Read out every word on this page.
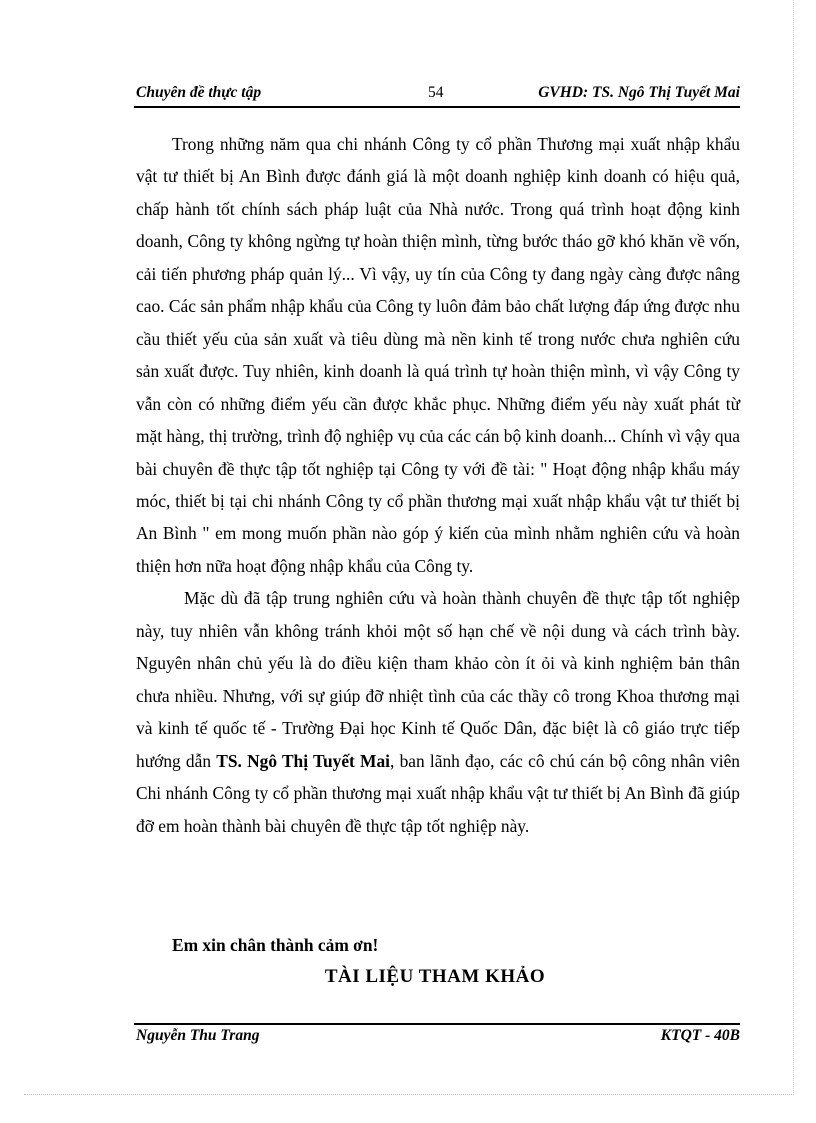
Chuyên đề thực tập	54	GVHD: TS. Ngô Thị Tuyết Mai

Trong những năm qua chi nhánh Công ty cổ phần Thương mại xuất nhập khẩu vật tư thiết bị An Bình được đánh giá là một doanh nghiệp kinh doanh có hiệu quả, chấp hành tốt chính sách pháp luật của Nhà nước. Trong quá trình hoạt động kinh doanh, Công ty không ngừng tự hoàn thiện mình, từng bước tháo gỡ khó khăn về vốn, cải tiến phương pháp quản lý... Vì vậy, uy tín của Công ty đang ngày càng được nâng cao. Các sản phẩm nhập khẩu của Công ty luôn đảm bảo chất lượng đáp ứng được nhu cầu thiết yếu của sản xuất và tiêu dùng mà nền kinh tế trong nước chưa nghiên cứu sản xuất được. Tuy nhiên, kinh doanh là quá trình tự hoàn thiện mình, vì vậy Công ty vẫn còn có những điểm yếu cần được khắc phục. Những điểm yếu này xuất phát từ mặt hàng, thị trường, trình độ nghiệp vụ của các cán bộ kinh doanh... Chính vì vậy qua bài chuyên đề thực tập tốt nghiệp tại Công ty với đề tài: " Hoạt động nhập khẩu máy móc, thiết bị tại chi nhánh Công ty cổ phần thương mại xuất nhập khẩu vật tư thiết bị An Bình " em mong muốn phần nào góp ý kiến của mình nhằm nghiên cứu và hoàn thiện hơn nữa hoạt động nhập khẩu của Công ty.

Mặc dù đã tập trung nghiên cứu và hoàn thành chuyên đề thực tập tốt nghiệp này, tuy nhiên vẫn không tránh khỏi một số hạn chế về nội dung và cách trình bày. Nguyên nhân chủ yếu là do điều kiện tham khảo còn ít ỏi và kinh nghiệm bản thân chưa nhiều. Nhưng, với sự giúp đỡ nhiệt tình của các thầy cô trong Khoa thương mại và kinh tế quốc tế - Trường Đại học Kinh tế Quốc Dân, đặc biệt là cô giáo trực tiếp hướng dẫn TS. Ngô Thị Tuyết Mai, ban lãnh đạo, các cô chú cán bộ công nhân viên Chi nhánh Công ty cổ phần thương mại xuất nhập khẩu vật tư thiết bị An Bình đã giúp đỡ em hoàn thành bài chuyên đề thực tập tốt nghiệp này.

Em xin chân thành cảm ơn!
TÀI LIỆU THAM KHẢO
Nguyễn Thu Trang	KTQT - 40B
